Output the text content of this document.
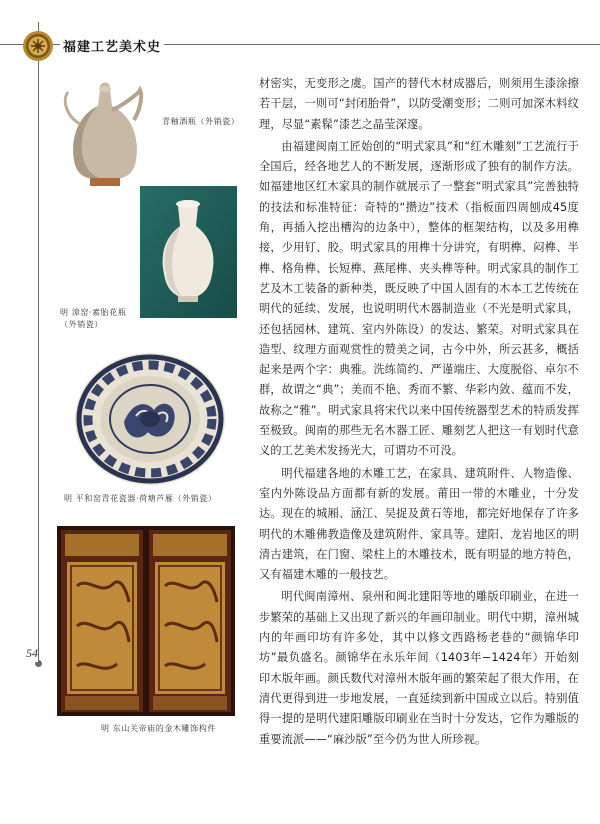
福建工艺美术史
54
青釉酒瓶（外销瓷）
明 漳窑·素胎花瓶（外销瓷）
明 平和窑青花瓷器·荷塘芦雁（外销瓷）
明 东山关帝庙的金木雕饰构件

材密实，无变形之虞。国产的替代木材成器后，则须用生漆涂擦若干层，一则可“封闭胎骨”，以防受潮变形；二则可加深木料纹理，尽显“素髹”漆艺之晶莹深邃。

由福建闽南工匠始创的“明式家具”和“红木雕刻”工艺流行于全国后，经各地艺人的不断发展，逐渐形成了独有的制作方法。如福建地区红木家具的制作就展示了一整套“明式家具”完善独特的技法和标准特征：奇特的“攒边”技术（指板面四周刨成45度角，再插入挖出槽沟的边条中），整体的框架结构，以及多用榫接，少用钉、胶。明式家具的用榫十分讲究，有明榫、闷榫、半榫、格角榫、长短榫、燕尾榫、夹头榫等种。明式家具的制作工艺及木工装备的新种类，既反映了中国人固有的木本工艺传统在明代的延续、发展，也说明明代木器制造业（不光是明式家具，还包括园林、建筑、室内外陈设）的发达、繁荣。对明式家具在造型、纹理方面观赏性的赞美之词，古今中外，所云甚多，概括起来是两个字：典雅。洗练简约、严谨端庄、大度脱俗、卓尔不群，故谓之“典”；美而不艳、秀而不繁、华彩内敛、蕴而不发，故称之“雅”。明式家具将宋代以来中国传统器型艺术的特质发挥至极致。闽南的那些无名木器工匠、雕刻艺人把这一有划时代意义的工艺美术发扬光大，可谓功不可没。

明代福建各地的木雕工艺，在家具、建筑附件、人物造像、室内外陈设品方面都有新的发展。莆田一带的木雕业，十分发达。现在的城厢、涵江、吴捉及黄石等地，都完好地保存了许多明代的木雕佛教造像及建筑附件、家具等。建阳、龙岩地区的明清古建筑，在门窗、梁柱上的木雕技术，既有明显的地方特色，又有福建木雕的一般技艺。

明代闽南漳州、泉州和闽北建阳等地的雕版印刷业，在进一步繁荣的基础上又出现了新兴的年画印制业。明代中期，漳州城内的年画印坊有许多处，其中以修文西路杨老巷的“颜锦华印坊”最负盛名。颜锦华在永乐年间（1403年−1424年）开始刻印木版年画。颜氏数代对漳州木版年画的繁荣起了很大作用，在清代更得到进一步地发展，一直延续到新中国成立以后。特别值得一提的是明代建阳雕版印刷业在当时十分发达，它作为雕版的重要流派——“麻沙版”至今仍为世人所珍视。
